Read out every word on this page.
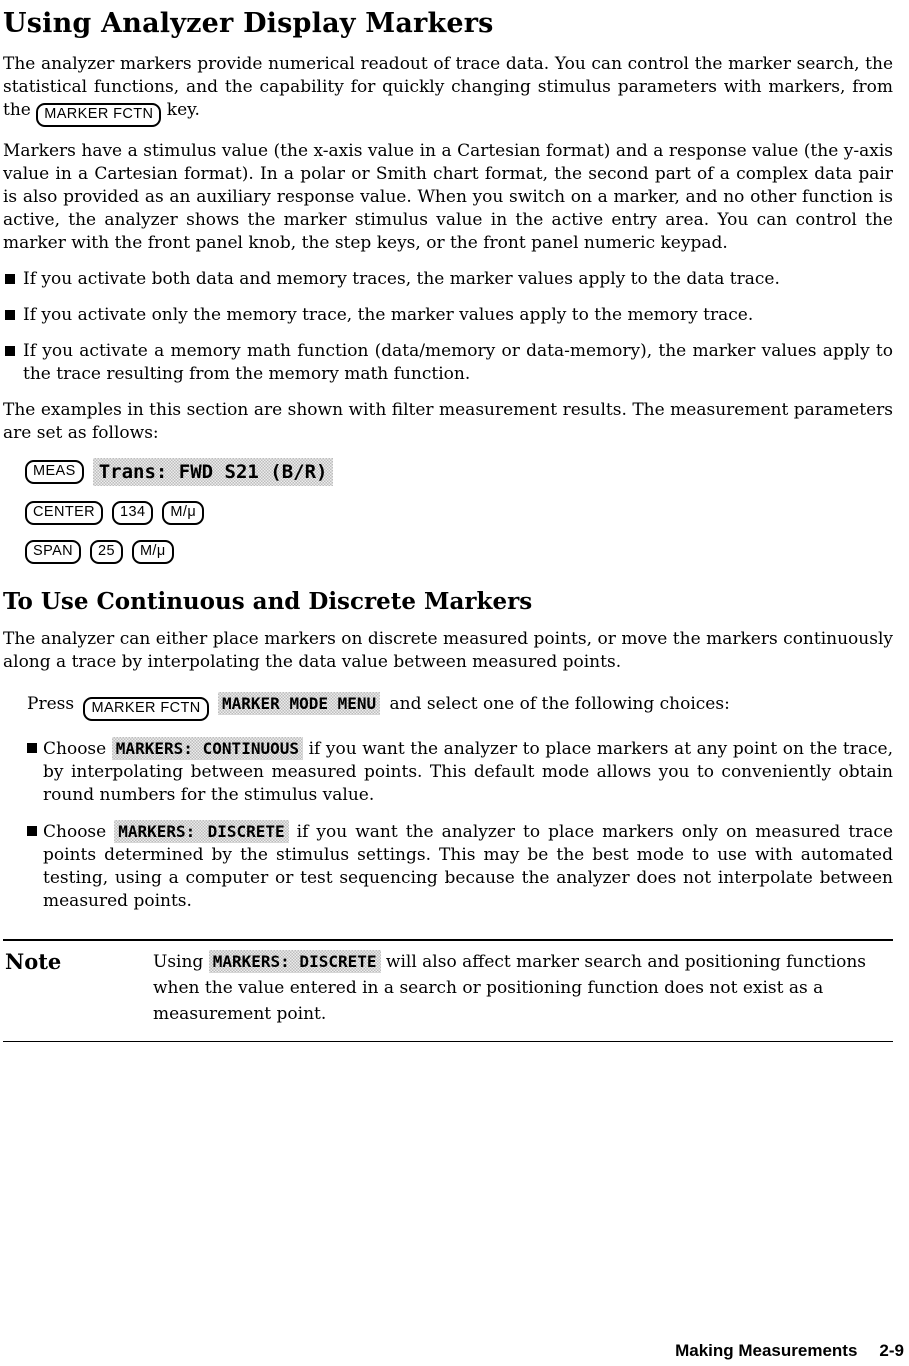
Using Analyzer Display Markers

The analyzer markers provide numerical readout of trace data. You can control the marker search, the statistical functions, and the capability for quickly changing stimulus parameters with markers, from the MARKER FCTN key.

Markers have a stimulus value (the x-axis value in a Cartesian format) and a response value (the y-axis value in a Cartesian format). In a polar or Smith chart format, the second part of a complex data pair is also provided as an auxiliary response value. When you switch on a marker, and no other function is active, the analyzer shows the marker stimulus value in the active entry area. You can control the marker with the front panel knob, the step keys, or the front panel numeric keypad.

If you activate both data and memory traces, the marker values apply to the data trace.
If you activate only the memory trace, the marker values apply to the memory trace.
If you activate a memory math function (data/memory or data-memory), the marker values apply to the trace resulting from the memory math function.

The examples in this section are shown with filter measurement results. The measurement parameters are set as follows:

MEAS	Trans: FWD S21 (B/R)
CENTER	134	M/μ
SPAN	25	M/μ
To Use Continuous and Discrete Markers

The analyzer can either place markers on discrete measured points, or move the markers continuously along a trace by interpolating the data value between measured points.

Press MARKER FCTN MARKER MODE MENU and select one of the following choices:
Choose MARKERS: CONTINUOUS if you want the analyzer to place markers at any point on the trace, by interpolating between measured points. This default mode allows you to conveniently obtain round numbers for the stimulus value.
Choose MARKERS: DISCRETE if you want the analyzer to place markers only on measured trace points determined by the stimulus settings. This may be the best mode to use with automated testing, using a computer or test sequencing because the analyzer does not interpolate between measured points.
Note	Using MARKERS: DISCRETE will also affect marker search and positioning functions when the value entered in a search or positioning function does not exist as a measurement point.
Making Measurements 2-9
